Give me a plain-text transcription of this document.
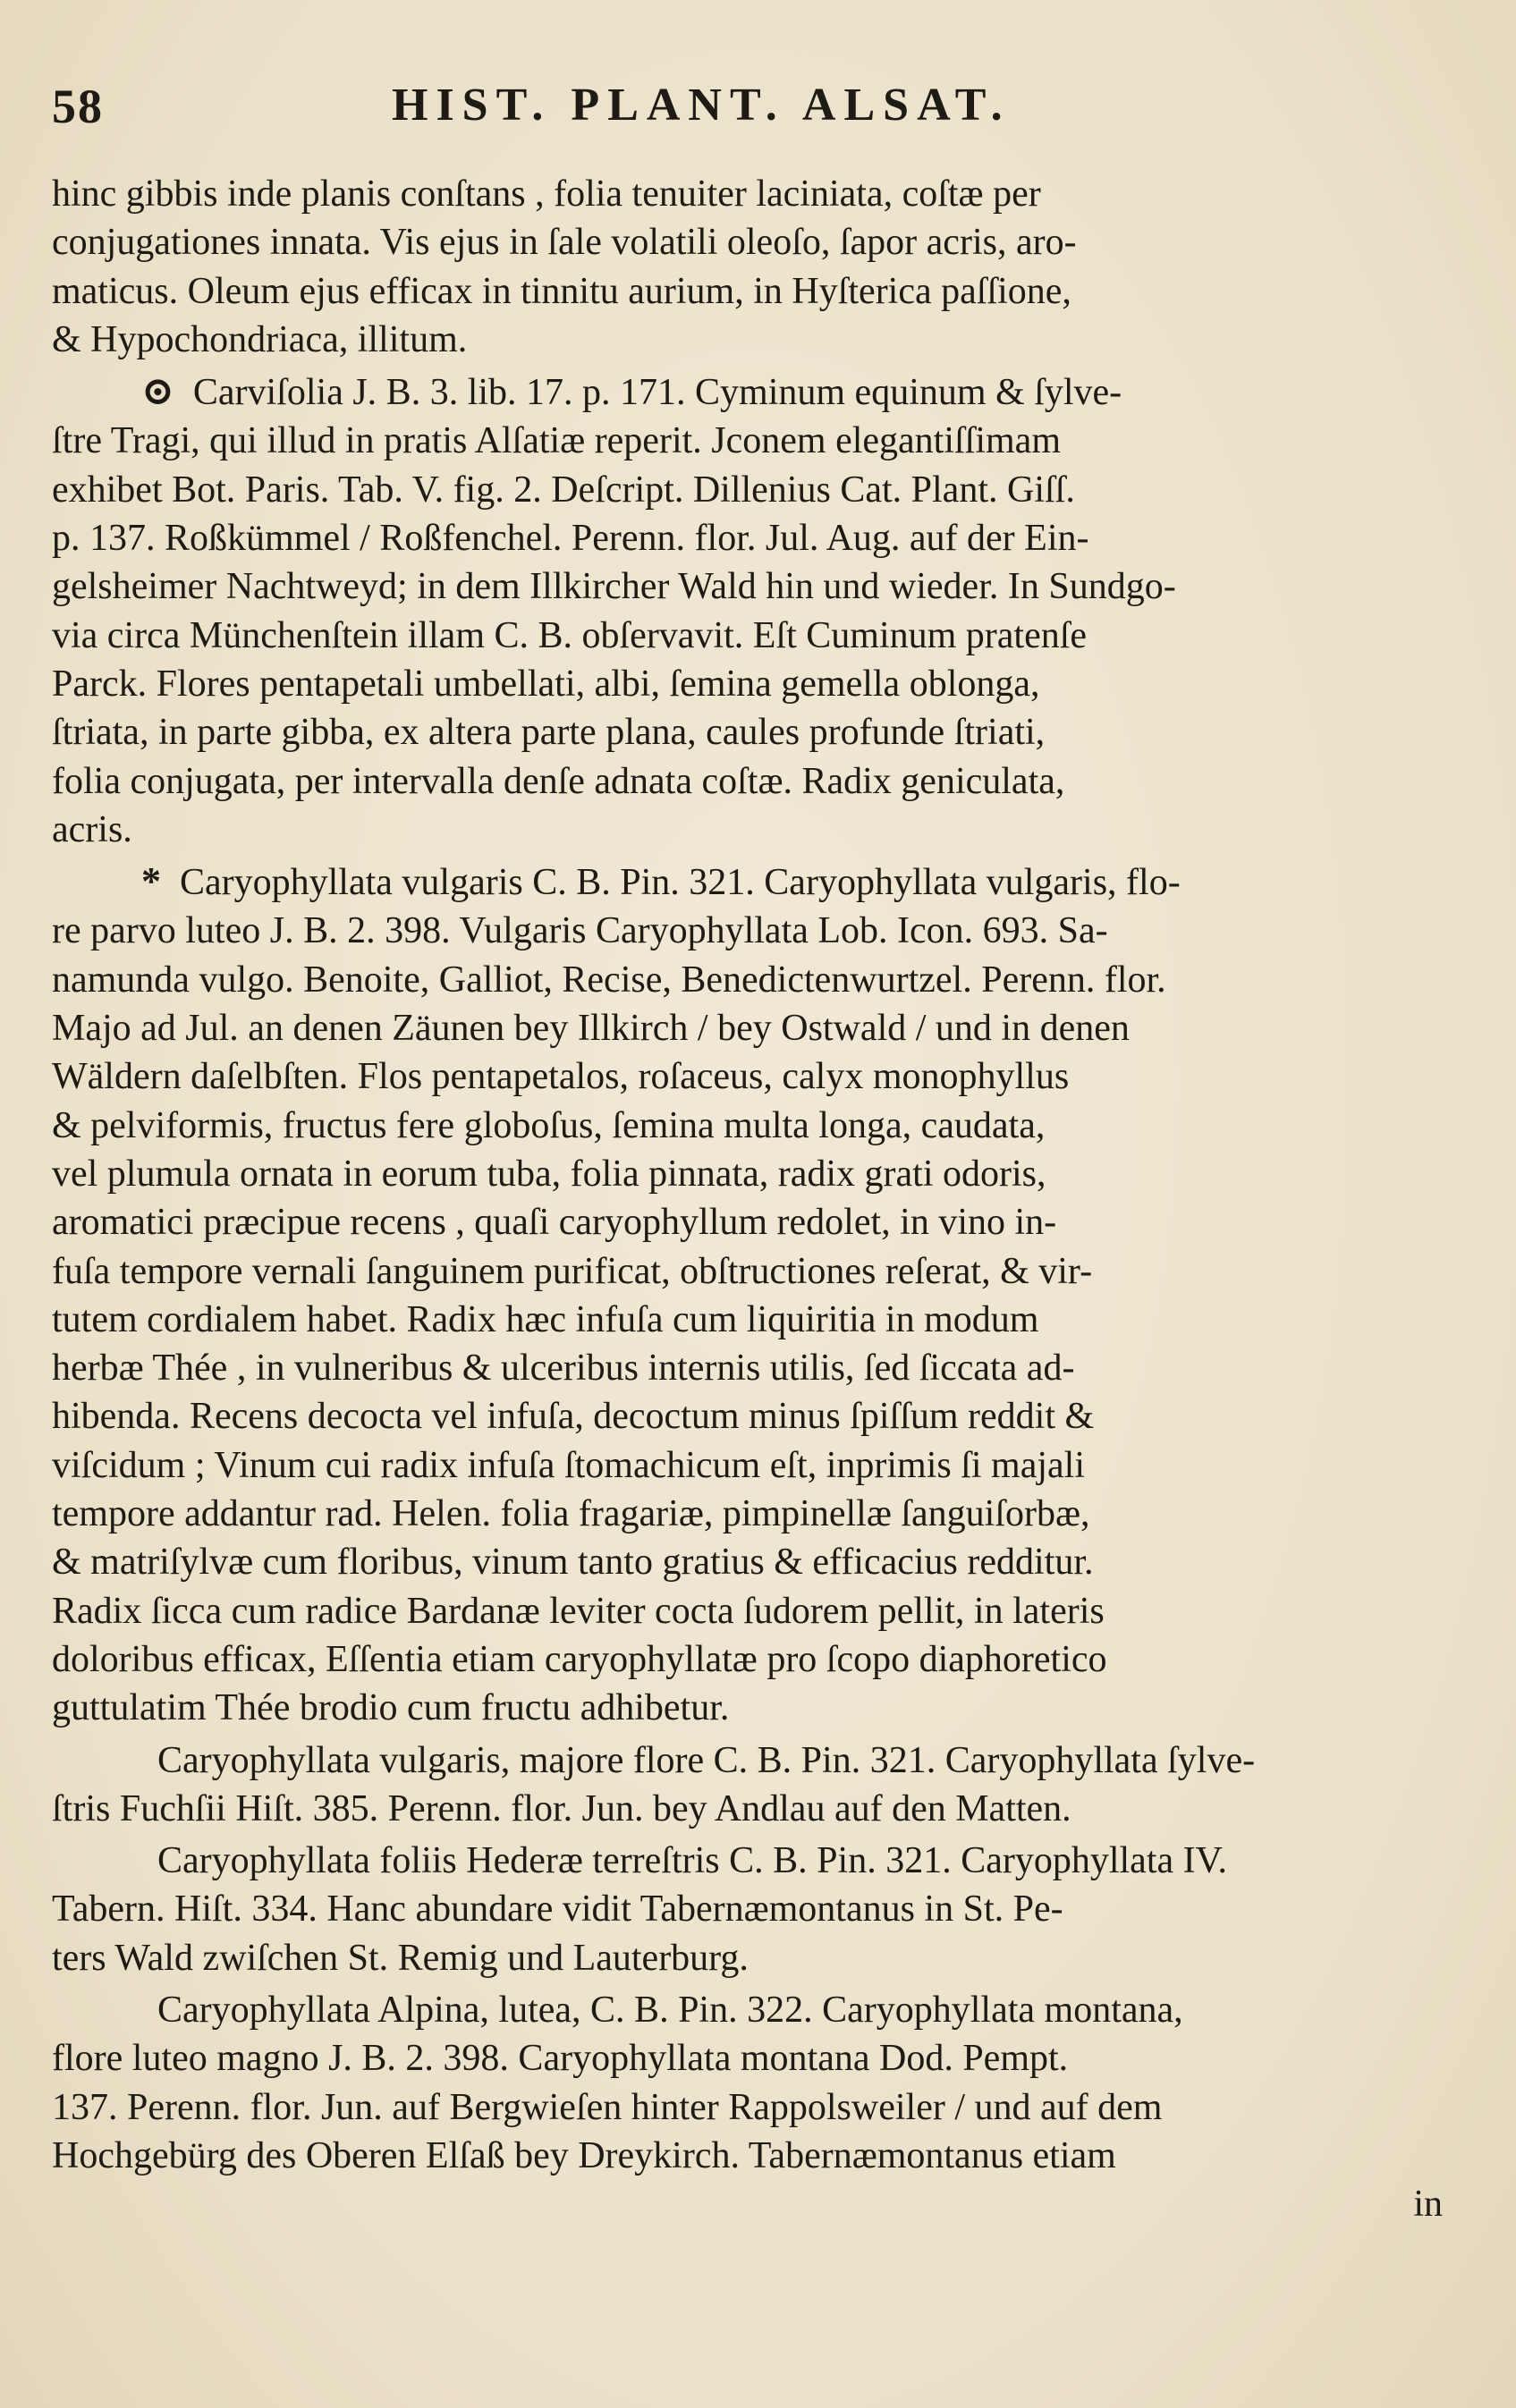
58	HIST. PLANT. ALSAT.
hinc gibbis inde planis conſtans , folia tenuiter laciniata, coſtæ per
conjugationes innata. Vis ejus in ſale volatili oleoſo, ſapor acris, aro-
maticus. Oleum ejus efficax in tinnitu aurium, in Hyſterica paſſione,
& Hypochondriaca, illitum.
⊙ Carviſolia J. B. 3. lib. 17. p. 171. Cyminum equinum & ſylve-
ſtre Tragi, qui illud in pratis Alſatiæ reperit. Jconem elegantiſſimam
exhibet Bot. Paris. Tab. V. fig. 2. Deſcript. Dillenius Cat. Plant. Giſſ.
p. 137. Roßkümmel / Roßfenchel. Perenn. flor. Jul. Aug. auf der Ein-
gelsheimer Nachtweyd; in dem Illkircher Wald hin und wieder. In Sundgo-
via circa Münchenſtein illam C. B. obſervavit. Eſt Cuminum pratenſe
Parck. Flores pentapetali umbellati, albi, ſemina gemella oblonga,
ſtriata, in parte gibba, ex altera parte plana, caules profunde ſtriati,
folia conjugata, per intervalla denſe adnata coſtæ. Radix geniculata,
acris.
* Caryophyllata vulgaris C. B. Pin. 321. Caryophyllata vulgaris, flo-
re parvo luteo J. B. 2. 398. Vulgaris Caryophyllata Lob. Icon. 693. Sa-
namunda vulgo. Benoite, Galliot, Recise, Benedictenwurtzel. Perenn. flor.
Majo ad Jul. an denen Zäunen bey Illkirch / bey Ostwald / und in denen
Wäldern daſelbſten. Flos pentapetalos, roſaceus, calyx monophyllus
& pelviformis, fructus fere globoſus, ſemina multa longa, caudata,
vel plumula ornata in eorum tuba, folia pinnata, radix grati odoris,
aromatici præcipue recens , quaſi caryophyllum redolet, in vino in-
fuſa tempore vernali ſanguinem purificat, obſtructiones reſerat, & vir-
tutem cordialem habet. Radix hæc infuſa cum liquiritia in modum
herbæ Thée , in vulneribus & ulceribus internis utilis, ſed ſiccata ad-
hibenda. Recens decocta vel infuſa, decoctum minus ſpiſſum reddit &
viſcidum ; Vinum cui radix infuſa ſtomachicum eſt, inprimis ſi majali
tempore addantur rad. Helen. folia fragariæ, pimpinellæ ſanguiſorbæ,
& matriſylvæ cum floribus, vinum tanto gratius & efficacius redditur.
Radix ſicca cum radice Bardanæ leviter cocta ſudorem pellit, in lateris
doloribus efficax, Eſſentia etiam caryophyllatæ pro ſcopo diaphoretico
guttulatim Thée brodio cum fructu adhibetur.
Caryophyllata vulgaris, majore flore C. B. Pin. 321. Caryophyllata ſylve-
ſtris Fuchſii Hiſt. 385. Perenn. flor. Jun. bey Andlau auf den Matten.
Caryophyllata foliis Hederæ terreſtris C. B. Pin. 321. Caryophyllata IV.
Tabern. Hiſt. 334. Hanc abundare vidit Tabernæmontanus in St. Pe-
ters Wald zwiſchen St. Remig und Lauterburg.
Caryophyllata Alpina, lutea, C. B. Pin. 322. Caryophyllata montana,
flore luteo magno J. B. 2. 398. Caryophyllata montana Dod. Pempt.
137. Perenn. flor. Jun. auf Bergwieſen hinter Rappolsweiler / und auf dem
Hochgebürg des Oberen Elſaß bey Dreykirch. Tabernæmontanus etiam
in
